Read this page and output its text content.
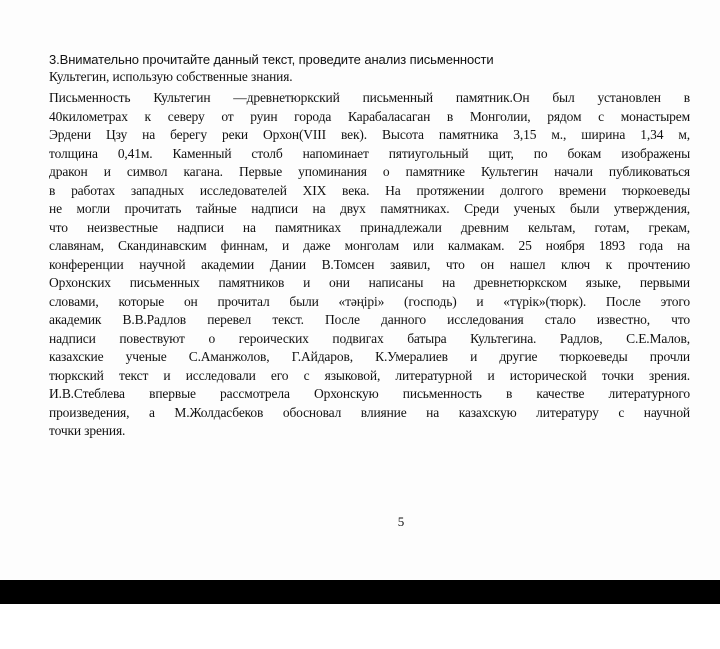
3.Внимательно прочитайте данный текст, проведите анализ письменности
Культегин, использую собственные знания.
Письменность Культегин —древнетюркский письменный памятник.Он был установлен в
40километрах к северу от руин города Карабаласаган в Монголии, рядом с монастырем
Эрдени Цзу на берегу реки Орхон(VIII век). Высота памятника 3,15 м., ширина 1,34 м,
толщина 0,41м. Каменный столб напоминает пятиугольный щит, по бокам изображены
дракон и символ кагана. Первые упоминания о памятнике Культегин начали публиковаться
в работах западных исследователей XIX века. На протяжении долгого времени тюркоеведы
не могли прочитать тайные надписи на двух памятниках. Среди ученых были утверждения,
что неизвестные надписи на памятниках принадлежали древним кельтам, готам, грекам,
славянам, Скандинавским финнам, и даже монголам или калмакам. 25 ноября 1893 года на
конференции научной академии Дании В.Томсен заявил, что он нашел ключ к прочтению
Орхонских письменных памятников и они написаны на древнетюркском языке, первыми
словами, которые он прочитал были «тәңірі» (господь) и «түрік»(тюрк). После этого
академик В.В.Радлов перевел текст. После данного исследования стало известно, что
надписи повествуют о героических подвигах батыра Культегина. Радлов, С.Е.Малов,
казахские ученые С.Аманжолов, Г.Айдаров, К.Умералиев и другие тюркоеведы прочли
тюркский текст и исследовали его с языковой, литературной и исторической точки зрения.
И.В.Стеблева впервые рассмотрела Орхонскую письменность в качестве литературного
произведения, а М.Жолдасбеков обосновал влияние на казахскую литературу с научной
точки зрения.
5
